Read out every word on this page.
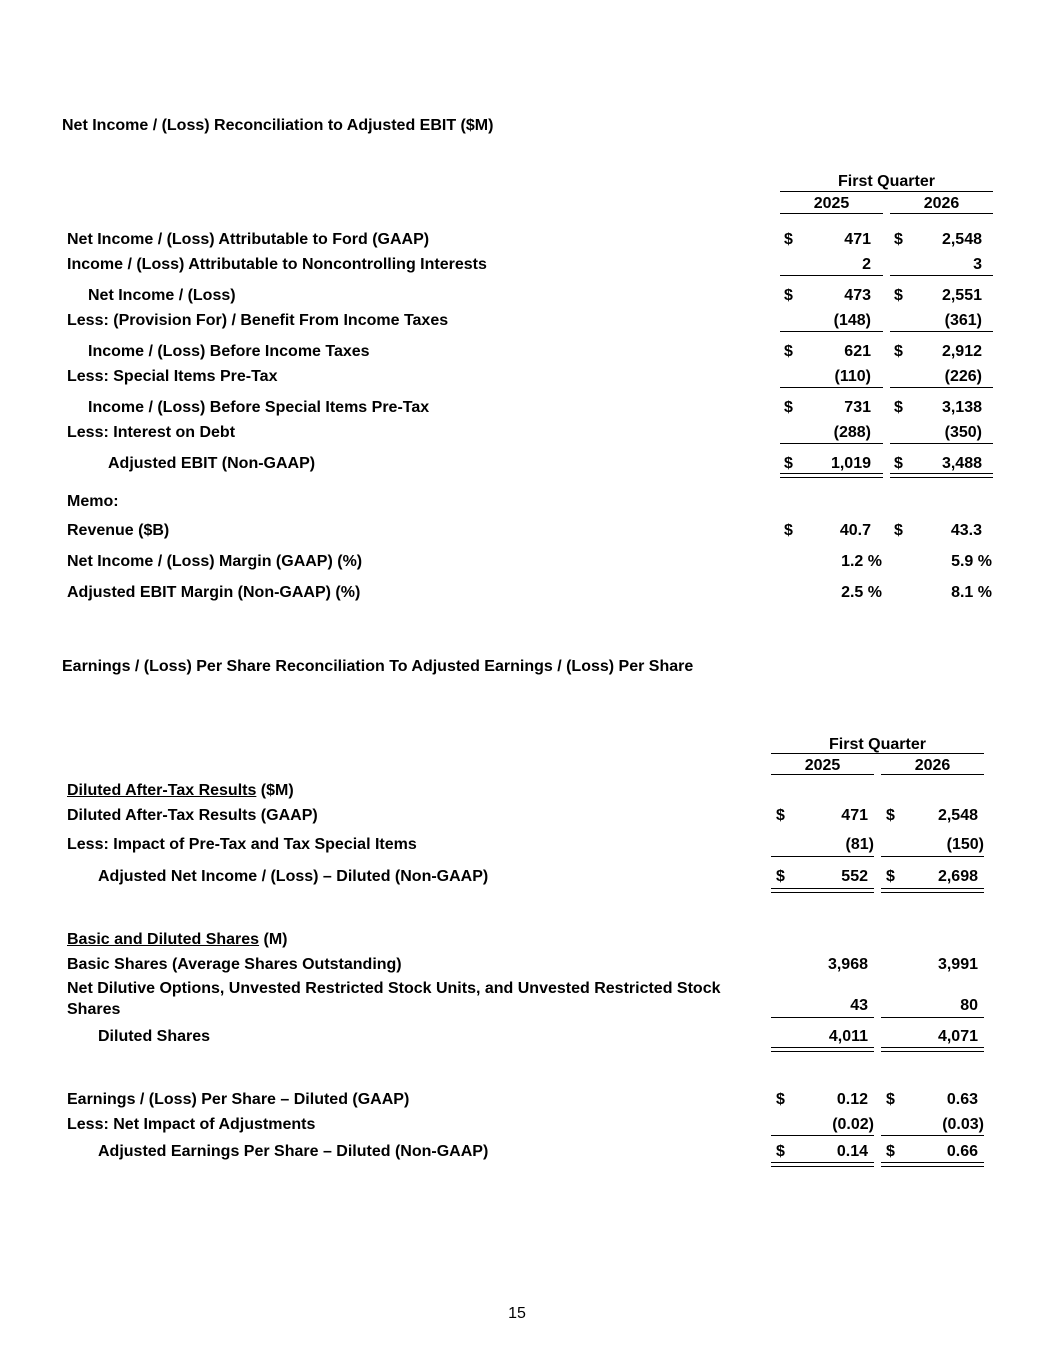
Net Income / (Loss) Reconciliation to Adjusted EBIT ($M)
First Quarter
2025	2026
Net Income / (Loss) Attributable to Ford (GAAP)	$	471 $	2,548
Income / (Loss) Attributable to Noncontrolling Interests	2	3
Net Income / (Loss)	$	473 $	2,551
Less: (Provision For) / Benefit From Income Taxes	(148)	(361)
Income / (Loss) Before Income Taxes	$	621 $	2,912
Less: Special Items Pre-Tax	(110)	(226)
Income / (Loss) Before Special Items Pre-Tax	$	731 $	3,138
Less: Interest on Debt	(288)	(350)
Adjusted EBIT (Non-GAAP)	$	1,019 $	3,488
Memo:
Revenue ($B)	$	40.7 $	43.3
Net Income / (Loss) Margin (GAAP) (%)	1.2 %	5.9 %
Adjusted EBIT Margin (Non-GAAP) (%)	2.5 %	8.1 %
Earnings / (Loss) Per Share Reconciliation To Adjusted Earnings / (Loss) Per Share
First Quarter
2025	2026
Diluted After-Tax Results ($M)
Diluted After-Tax Results (GAAP)	$	471 $	2,548
Less: Impact of Pre-Tax and Tax Special Items	(81)	(150)
Adjusted Net Income / (Loss) – Diluted (Non-GAAP)	$	552 $	2,698
Basic and Diluted Shares (M)
Basic Shares (Average Shares Outstanding)	3,968	3,991
Net Dilutive Options, Unvested Restricted Stock Units, and Unvested Restricted Stock
Shares	43	80
Diluted Shares	4,011	4,071
Earnings / (Loss) Per Share – Diluted (GAAP)	$	0.12 $	0.63
Less: Net Impact of Adjustments	(0.02)	(0.03)
Adjusted Earnings Per Share – Diluted (Non-GAAP)	$	0.14 $	0.66
15
